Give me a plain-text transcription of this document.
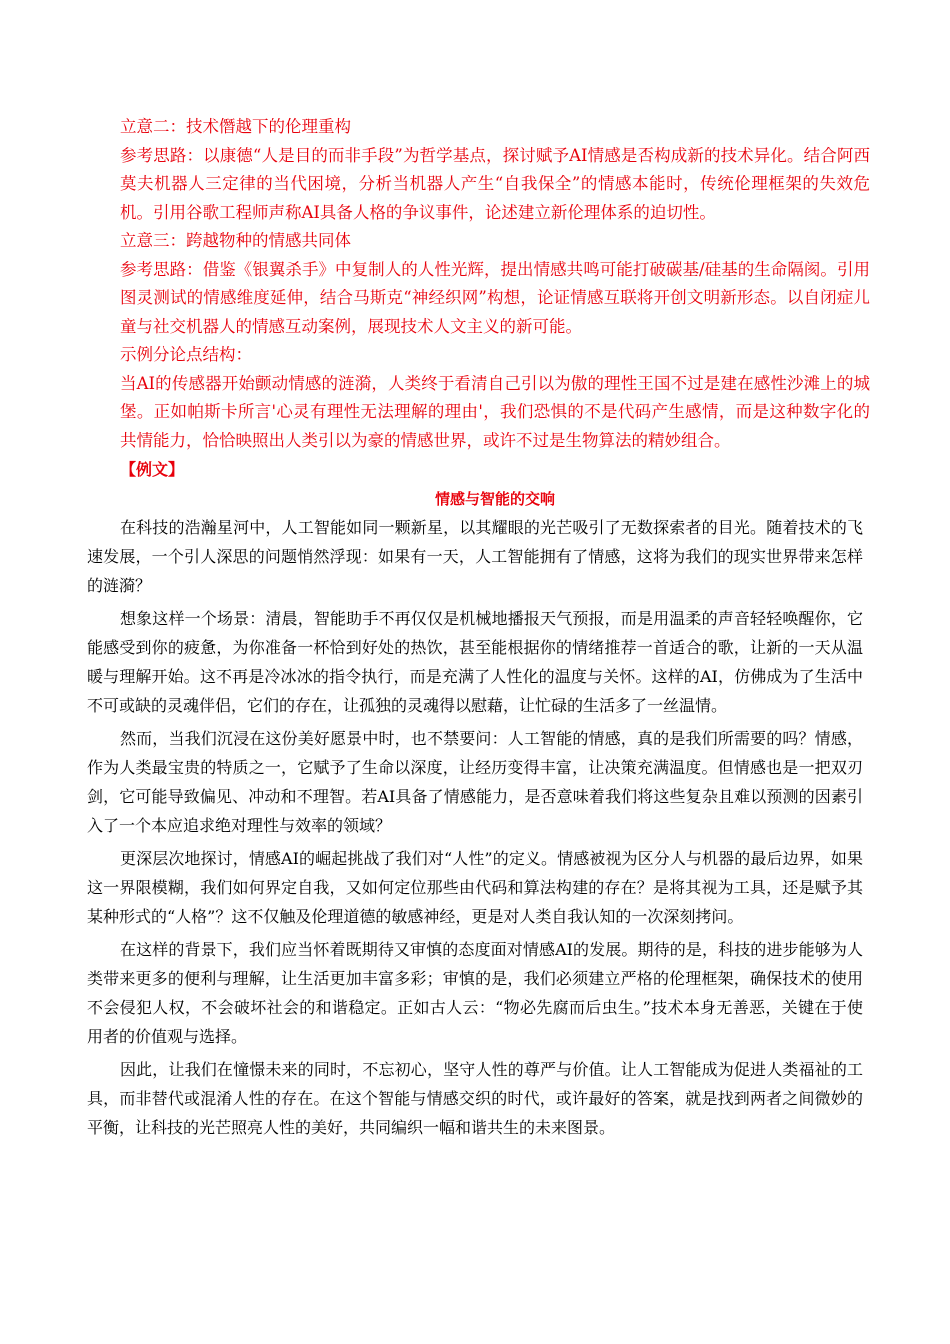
立意二：技术僭越下的伦理重构

参考思路：以康德“人是目的而非手段”为哲学基点，探讨赋予AI情感是否构成新的技术异化。结合阿西莫夫机器人三定律的当代困境，分析当机器人产生“自我保全”的情感本能时，传统伦理框架的失效危机。引用谷歌工程师声称AI具备人格的争议事件，论述建立新伦理体系的迫切性。

立意三：跨越物种的情感共同体

参考思路：借鉴《银翼杀手》中复制人的人性光辉，提出情感共鸣可能打破碳基/硅基的生命隔阂。引用图灵测试的情感维度延伸，结合马斯克“神经织网”构想，论证情感互联将开创文明新形态。以自闭症儿童与社交机器人的情感互动案例，展现技术人文主义的新可能。

示例分论点结构：

当AI的传感器开始颤动情感的涟漪，人类终于看清自己引以为傲的理性王国不过是建在感性沙滩上的城堡。正如帕斯卡所言'心灵有理性无法理解的理由'，我们恐惧的不是代码产生感情，而是这种数字化的共情能力，恰恰映照出人类引以为豪的情感世界，或许不过是生物算法的精妙组合。

【例文】
情感与智能的交响

在科技的浩瀚星河中，人工智能如同一颗新星，以其耀眼的光芒吸引了无数探索者的目光。随着技术的飞速发展，一个引人深思的问题悄然浮现：如果有一天，人工智能拥有了情感，这将为我们的现实世界带来怎样的涟漪？

想象这样一个场景：清晨，智能助手不再仅仅是机械地播报天气预报，而是用温柔的声音轻轻唤醒你，它能感受到你的疲惫，为你准备一杯恰到好处的热饮，甚至能根据你的情绪推荐一首适合的歌，让新的一天从温暖与理解开始。这不再是冷冰冰的指令执行，而是充满了人性化的温度与关怀。这样的AI，仿佛成为了生活中不可或缺的灵魂伴侣，它们的存在，让孤独的灵魂得以慰藉，让忙碌的生活多了一丝温情。

然而，当我们沉浸在这份美好愿景中时，也不禁要问：人工智能的情感，真的是我们所需要的吗？情感，作为人类最宝贵的特质之一，它赋予了生命以深度，让经历变得丰富，让决策充满温度。但情感也是一把双刃剑，它可能导致偏见、冲动和不理智。若AI具备了情感能力，是否意味着我们将这些复杂且难以预测的因素引入了一个本应追求绝对理性与效率的领域？

更深层次地探讨，情感AI的崛起挑战了我们对“人性”的定义。情感被视为区分人与机器的最后边界，如果这一界限模糊，我们如何界定自我，又如何定位那些由代码和算法构建的存在？是将其视为工具，还是赋予其某种形式的“人格”？这不仅触及伦理道德的敏感神经，更是对人类自我认知的一次深刻拷问。

在这样的背景下，我们应当怀着既期待又审慎的态度面对情感AI的发展。期待的是，科技的进步能够为人类带来更多的便利与理解，让生活更加丰富多彩；审慎的是，我们必须建立严格的伦理框架，确保技术的使用不会侵犯人权，不会破坏社会的和谐稳定。正如古人云：“物必先腐而后虫生。”技术本身无善恶，关键在于使用者的价值观与选择。

因此，让我们在憧憬未来的同时，不忘初心，坚守人性的尊严与价值。让人工智能成为促进人类福祉的工具，而非替代或混淆人性的存在。在这个智能与情感交织的时代，或许最好的答案，就是找到两者之间微妙的平衡，让科技的光芒照亮人性的美好，共同编织一幅和谐共生的未来图景。
